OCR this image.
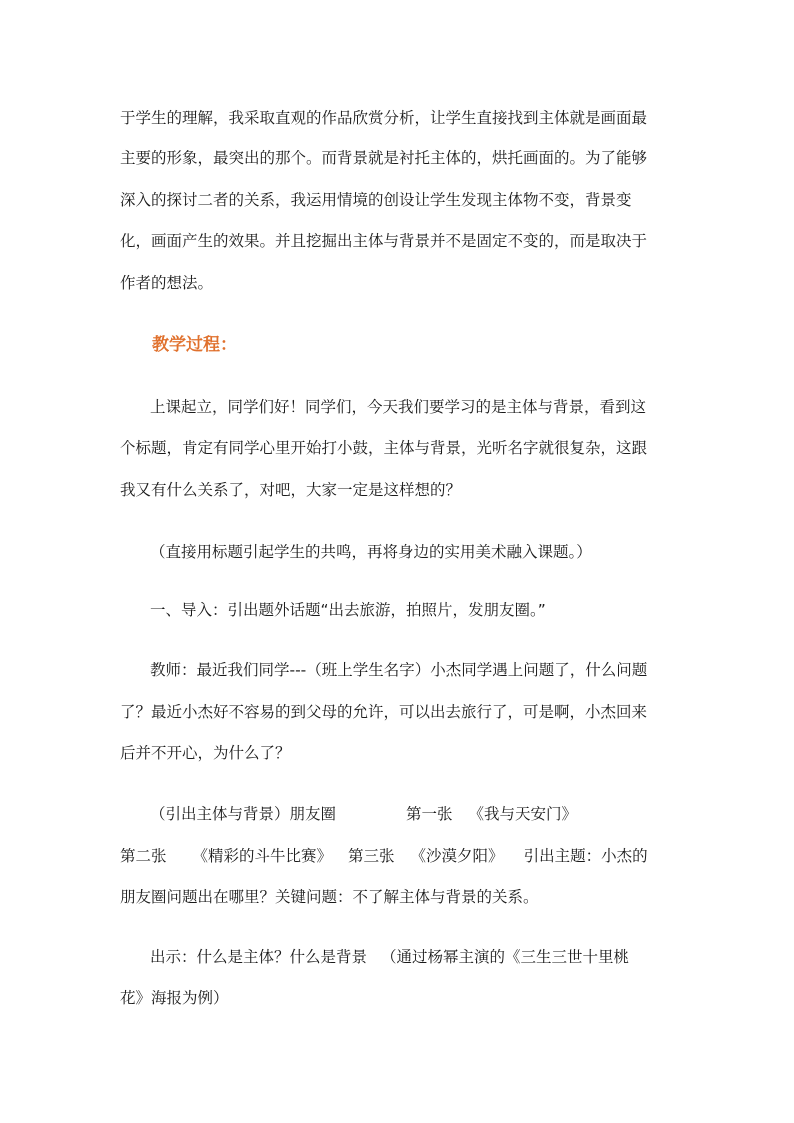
于学生的理解，我采取直观的作品欣赏分析，让学生直接找到主体就是画面最
主要的形象，最突出的那个。而背景就是衬托主体的，烘托画面的。为了能够
深入的探讨二者的关系，我运用情境的创设让学生发现主体物不变，背景变
化，画面产生的效果。并且挖掘出主体与背景并不是固定不变的，而是取决于
作者的想法。
教学过程：
上课起立，同学们好！同学们，今天我们要学习的是主体与背景，看到这
个标题，肯定有同学心里开始打小鼓，主体与背景，光听名字就很复杂，这跟
我又有什么关系了，对吧，大家一定是这样想的？
（直接用标题引起学生的共鸣，再将身边的实用美术融入课题。）
一、导入：引出题外话题“出去旅游，拍照片，发朋友圈。”
教师：最近我们同学---（班上学生名字）小杰同学遇上问题了，什么问题
了？最近小杰好不容易的到父母的允许，可以出去旅行了，可是啊，小杰回来
后并不开心，为什么了？
（引出主体与背景）朋友圈	第一张 《我与天安门》
第二张 《精彩的斗牛比赛》 第三张 《沙漠夕阳》 引出主题：小杰的
朋友圈问题出在哪里？关键问题：不了解主体与背景的关系。
出示：什么是主体？什么是背景 （通过杨幂主演的《三生三世十里桃
花》海报为例）
